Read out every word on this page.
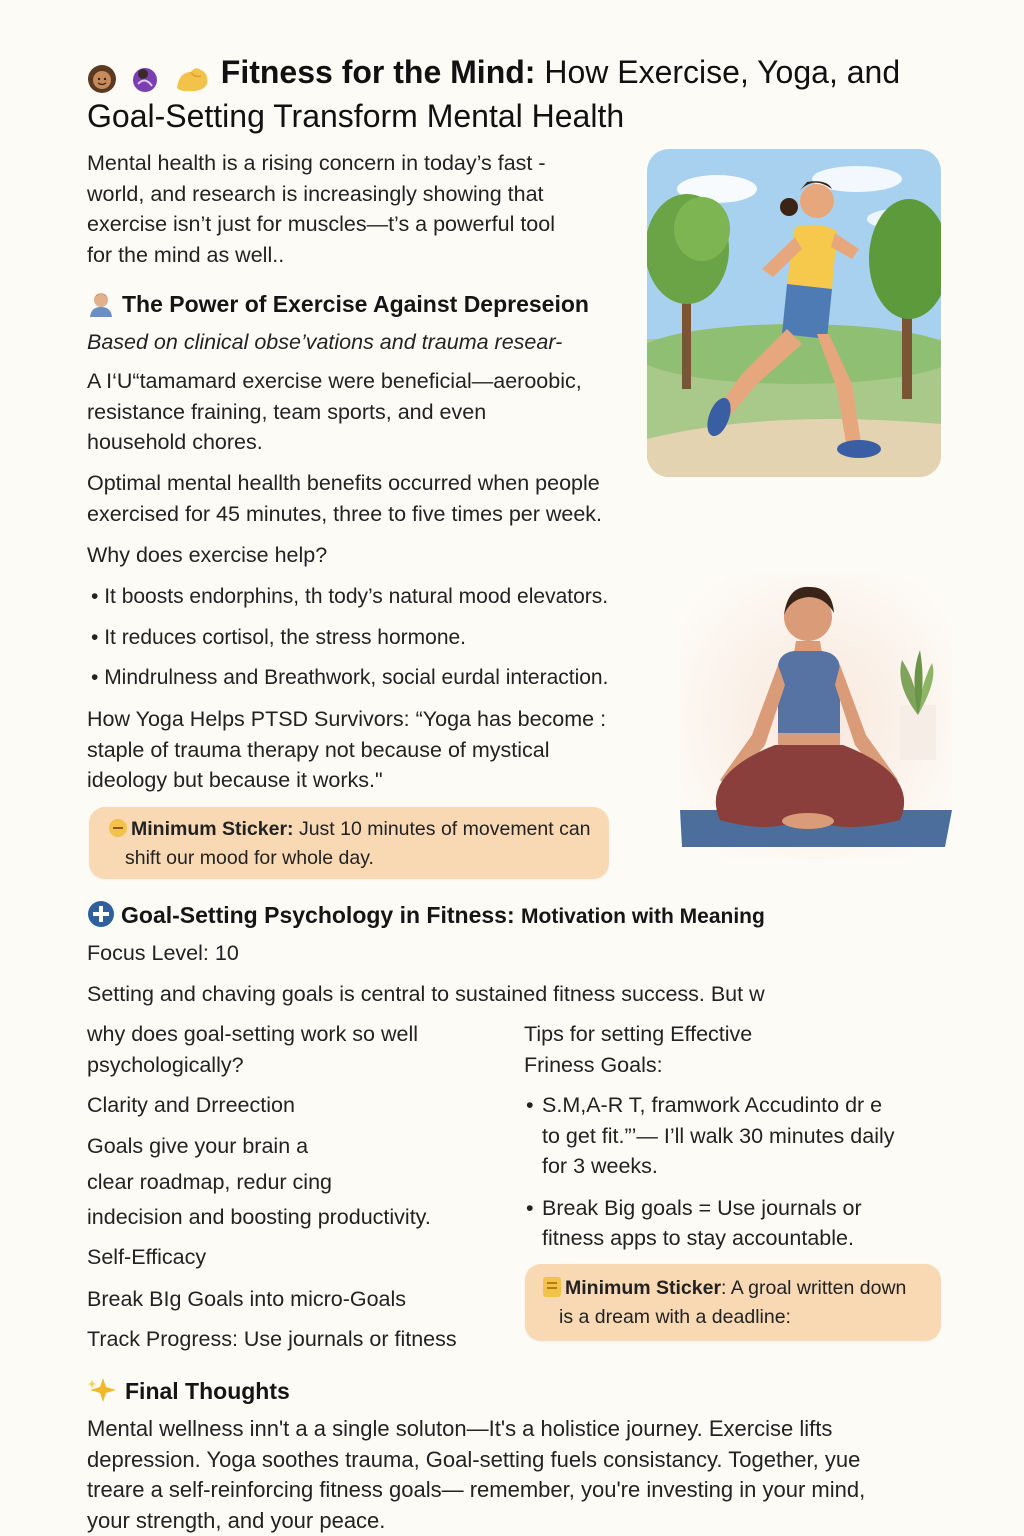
Fitness for the Mind: How Exercise, Yoga, and
Goal-Setting Transform Mental Health

Mental health is a rising concern in today’s fast -

world, and research is increasingly showing that

exercise isn’t just for muscles—t’s a powerful tool

for the mind as well..

The Power of Exercise Against Depreseion

Based on clinical obse’vations and trauma resear-

A I‘U“tamamard exercise were beneficial—aeroobic,

resistance fraining, team sports, and even

household chores.

Optimal mental heallth benefits occurred when people

exercised for 45 minutes, three to five times per week.

Why does exercise help?

• It boosts endorphins, th tody’s natural mood elevators.
• It reduces cortisol, the stress hormone.
• Mindrulness and Breathwork, social eurdal interaction.

How Yoga Helps PTSD Survivors: “Yoga has become :

staple of trauma therapy not because of mystical

ideology but because it works."

Minimum Sticker: Just 10 minutes of movement can
shift our mood for whole day.
Goal-Setting Psychology in Fitness: Motivation with Meaning

Focus Level: 10

Setting and chaving goals is central to sustained fitness success. But w

why does goal-setting work so well

psychologically?

Clarity and Drreection

Goals give your brain a

clear roadmap, redur cing

indecision and boosting productivity.

Self-Efficacy

Break BIg Goals into micro-Goals

Track Progress: Use journals or fitness

Tips for setting Effective

Friness Goals:

• S.M,A-R T, framwork Accudinto dr e

to get fit.”’— I’ll walk 30 minutes daily

for 3 weeks.

• Break Big goals = Use journals or

fitness apps to stay accountable.

Minimum Sticker: A groal written down
is a dream with a deadline:
Final Thoughts

Mental wellness inn't a a single soluton—It's a holistice journey. Exercise lifts

depression. Yoga soothes trauma, Goal-setting fuels consistancy. Together, yue

treare a self-reinforcing fitness goals— remember, you're investing in your mind,

your strength, and your peace.
